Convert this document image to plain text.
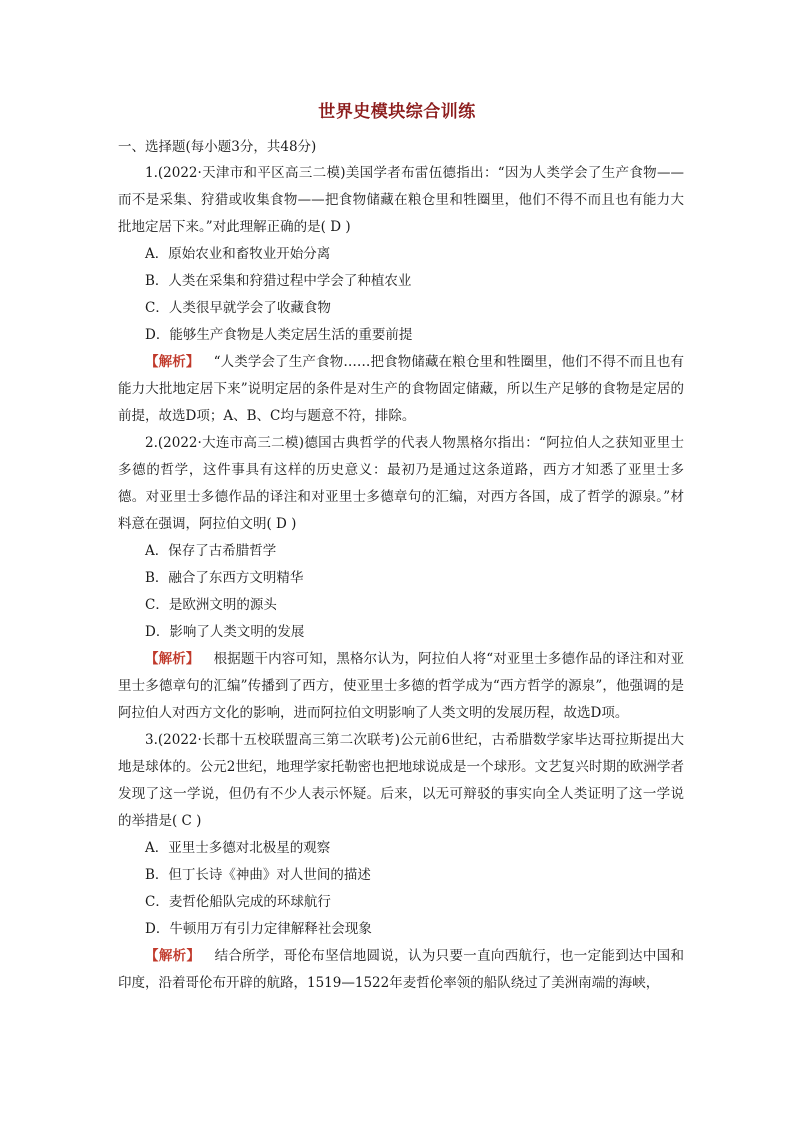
世界史模块综合训练
一、选择题(每小题3分，共48分)

1.(2022·天津市和平区高三二模)美国学者布雷伍德指出：“因为人类学会了生产食物——而不是采集、狩猎或收集食物——把食物储藏在粮仓里和牲圈里，他们不得不而且也有能力大批地定居下来。”对此理解正确的是( D )

A．原始农业和畜牧业开始分离

B．人类在采集和狩猎过程中学会了种植农业

C．人类很早就学会了收藏食物

D．能够生产食物是人类定居生活的重要前提

【解析】 “人类学会了生产食物……把食物储藏在粮仓里和牲圈里，他们不得不而且也有能力大批地定居下来”说明定居的条件是对生产的食物固定储藏，所以生产足够的食物是定居的前提，故选D项；A、B、C均与题意不符，排除。

2.(2022·大连市高三二模)德国古典哲学的代表人物黑格尔指出：“阿拉伯人之获知亚里士多德的哲学，这件事具有这样的历史意义：最初乃是通过这条道路，西方才知悉了亚里士多德。对亚里士多德作品的译注和对亚里士多德章句的汇编，对西方各国，成了哲学的源泉。”材料意在强调，阿拉伯文明( D )

A．保存了古希腊哲学

B．融合了东西方文明精华

C．是欧洲文明的源头

D．影响了人类文明的发展

【解析】 根据题干内容可知，黑格尔认为，阿拉伯人将“对亚里士多德作品的译注和对亚里士多德章句的汇编”传播到了西方，使亚里士多德的哲学成为“西方哲学的源泉”，他强调的是阿拉伯人对西方文化的影响，进而阿拉伯文明影响了人类文明的发展历程，故选D项。

3.(2022·长郡十五校联盟高三第二次联考)公元前6世纪，古希腊数学家毕达哥拉斯提出大地是球体的。公元2世纪，地理学家托勒密也把地球说成是一个球形。文艺复兴时期的欧洲学者发现了这一学说，但仍有不少人表示怀疑。后来，以无可辩驳的事实向全人类证明了这一学说的举措是( C )

A．亚里士多德对北极星的观察

B．但丁长诗《神曲》对人世间的描述

C．麦哲伦船队完成的环球航行

D．牛顿用万有引力定律解释社会现象

【解析】 结合所学，哥伦布坚信地圆说，认为只要一直向西航行，也一定能到达中国和印度，沿着哥伦布开辟的航路，1519—1522年麦哲伦率领的船队绕过了美洲南端的海峡，
